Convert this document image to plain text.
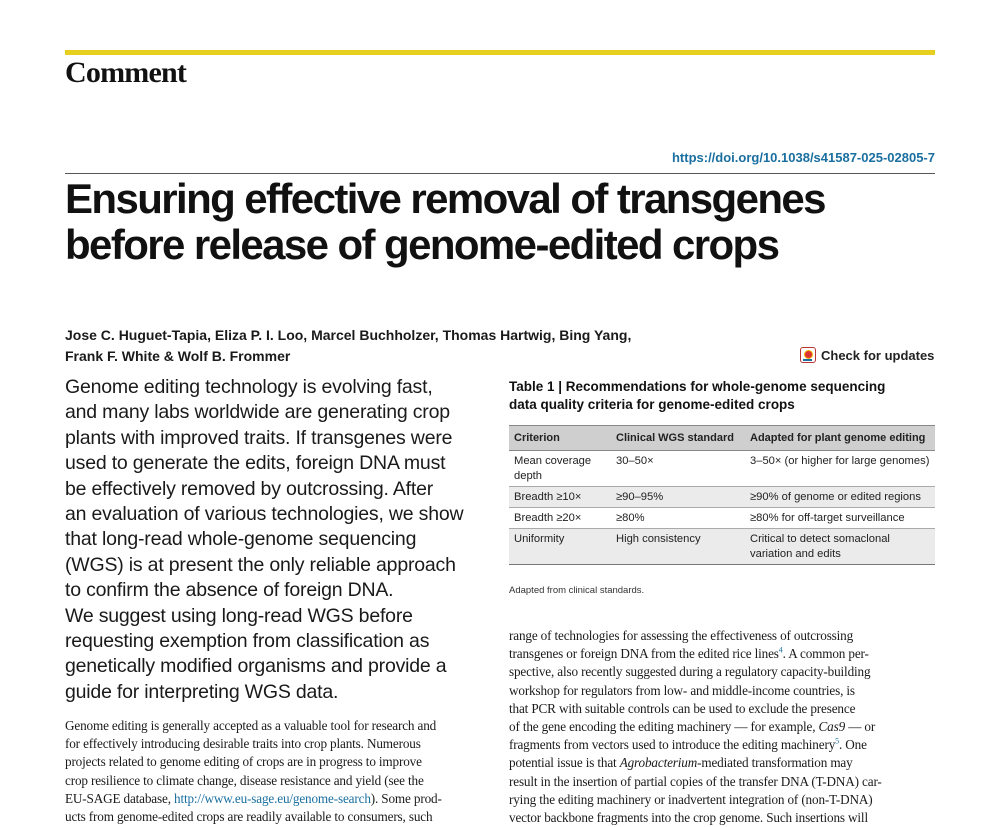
Comment
https://doi.org/10.1038/s41587-025-02805-7
Ensuring effective removal of transgenes
before release of genome-edited crops
Jose C. Huguet-Tapia, Eliza P. I. Loo, Marcel Buchholzer, Thomas Hartwig, Bing Yang,
Frank F. White & Wolf B. Frommer	Check for updates
Genome editing technology is evolving fast,
and many labs worldwide are generating crop
plants with improved traits. If transgenes were
used to generate the edits, foreign DNA must
be effectively removed by outcrossing. After
an evaluation of various technologies, we show
that long-read whole-genome sequencing
(WGS) is at present the only reliable approach
to confirm the absence of foreign DNA.
We suggest using long-read WGS before
requesting exemption from classification as
genetically modified organisms and provide a
guide for interpreting WGS data.
Genome editing is generally accepted as a valuable tool for research and
for effectively introducing desirable traits into crop plants. Numerous
projects related to genome editing of crops are in progress to improve
crop resilience to climate change, disease resistance and yield (see the
EU-SAGE database, http://www.eu-sage.eu/genome-search). Some prod-
ucts from genome-edited crops are readily available to consumers, such
Table 1 | Recommendations for whole-genome sequencing
data quality criteria for genome-edited crops
Criterion	Clinical WGS standard	Adapted for plant genome editing
Mean coverage depth	30–50×	3–50× (or higher for large genomes)
Breadth ≥10×	≥90–95%	≥90% of genome or edited regions
Breadth ≥20×	≥80%	≥80% for off-target surveillance
Uniformity	High consistency	Critical to detect somaclonal variation and edits
Adapted from clinical standards.
range of technologies for assessing the effectiveness of outcrossing
transgenes or foreign DNA from the edited rice lines$^4$. A common per-
spective, also recently suggested during a regulatory capacity-building
workshop for regulators from low- and middle-income countries, is
that PCR with suitable controls can be used to exclude the presence
of the gene encoding the editing machinery — for example, Cas9 — or
fragments from vectors used to introduce the editing machinery$^5$. One
potential issue is that Agrobacterium-mediated transformation may
result in the insertion of partial copies of the transfer DNA (T-DNA) car-
rying the editing machinery or inadvertent integration of (non-T-DNA)
vector backbone fragments into the crop genome. Such insertions will
